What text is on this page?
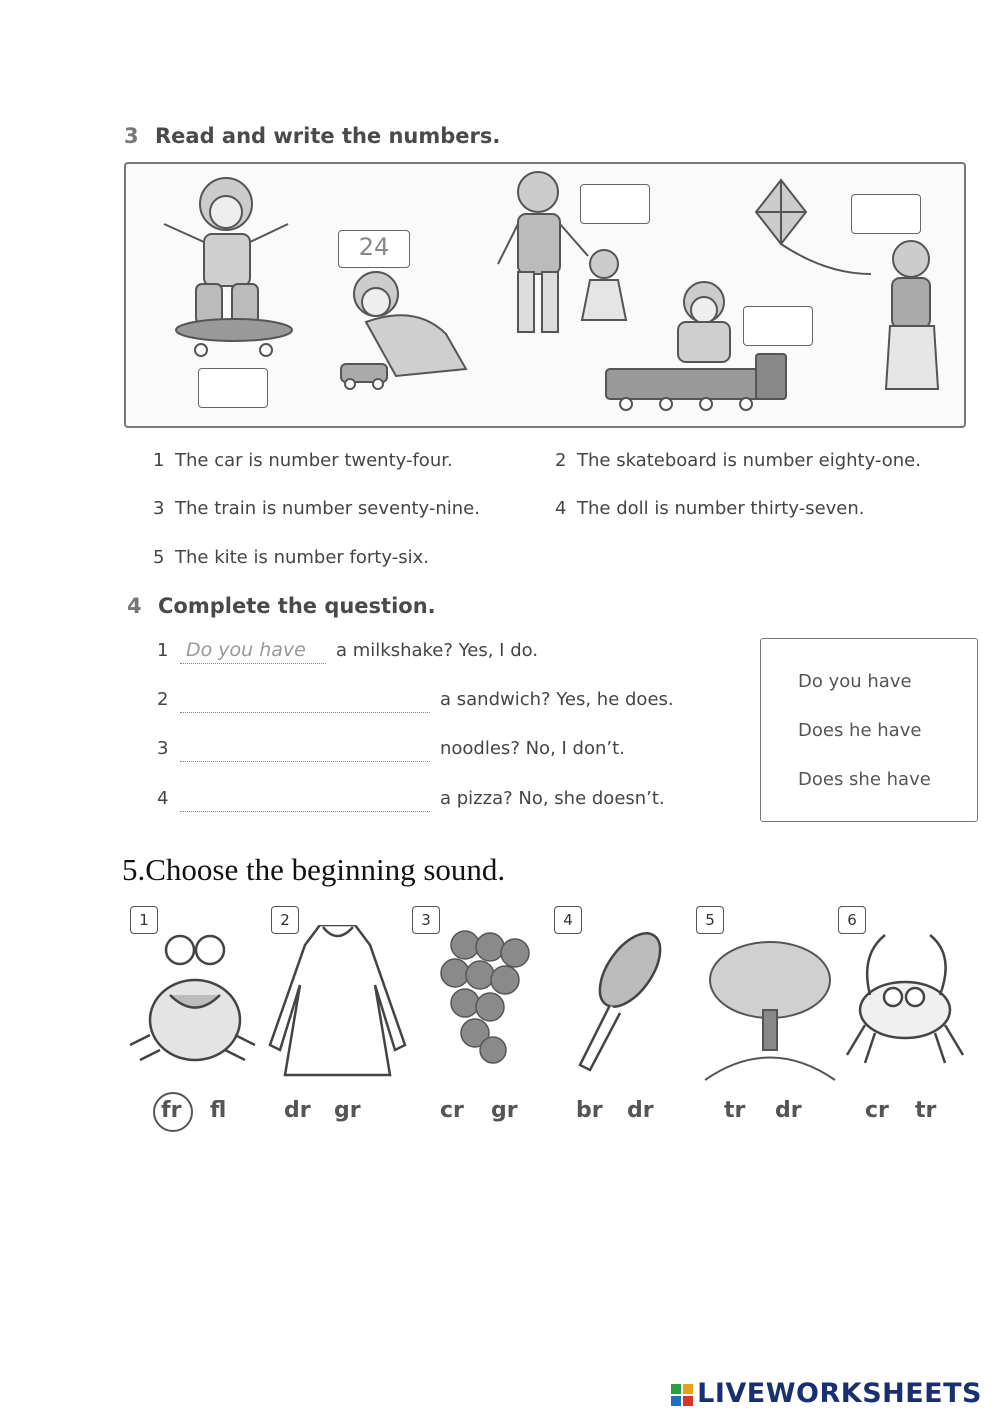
3 Read and write the numbers.
24
1 The car is number twenty-four.	2 The skateboard is number eighty-one.
3 The train is number seventy-nine.	4 The doll is number thirty-seven.
5 The kite is number forty-six.
4 Complete the question.
1 Do you have	a milkshake? Yes, I do.
2	a sandwich? Yes, he does.
3	noodles? No, I don’t.
4	a pizza? No, she doesn’t.
Do you have
Does he have
Does she have
5.Choose the beginning sound.
1	2	3	4	5	6
fr fl	dr gr	cr gr	br dr	tr dr	cr tr
LIVEWORKSHEETS
